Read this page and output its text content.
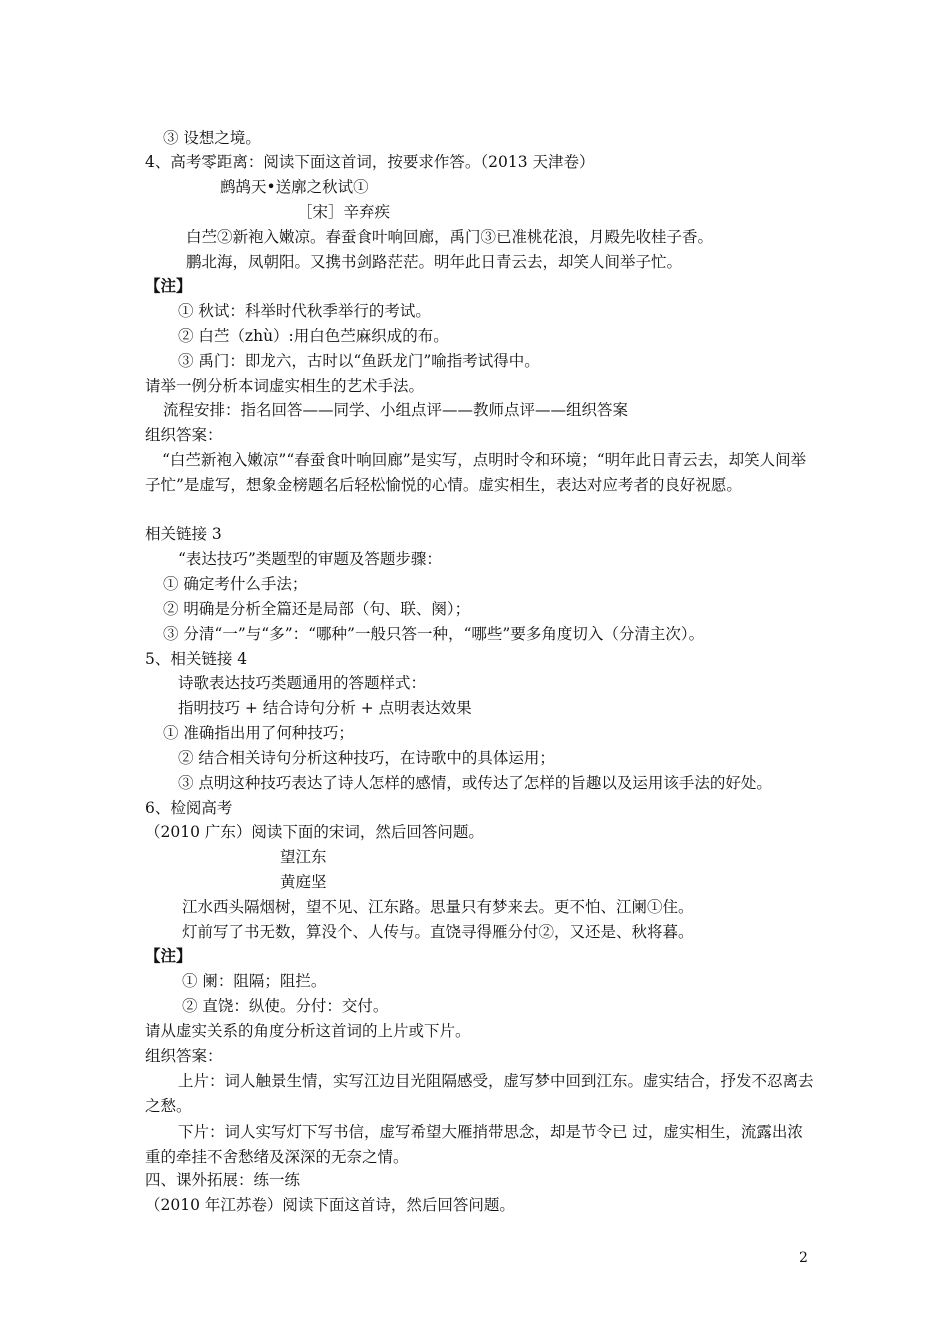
③ 设想之境。
4、高考零距离：阅读下面这首词，按要求作答。（2013 天津卷）
鹧鸪天•送廓之秋试①
［宋］辛弃疾
白苎②新袍入嫩凉。春蚕食叶响回廊，禹门③已准桃花浪，月殿先收桂子香。
鹏北海，凤朝阳。又携书剑路茫茫。明年此日青云去，却笑人间举子忙。
【注】
① 秋试：科举时代秋季举行的考试。
② 白苎（zhù）:用白色苎麻织成的布。
③ 禹门：即龙六，古时以“鱼跃龙门”喻指考试得中。
请举一例分析本词虚实相生的艺术手法。
流程安排：指名回答——同学、小组点评——教师点评——组织答案
组织答案：
“白苎新袍入嫩凉”“春蚕食叶响回廊”是实写，点明时令和环境；“明年此日青云去，却笑人间举子忙”是虚写，想象金榜题名后轻松愉悦的心情。虚实相生，表达对应考者的良好祝愿。
相关链接 3
“表达技巧”类题型的审题及答题步骤：
① 确定考什么手法；
② 明确是分析全篇还是局部（句、联、阕）；
③ 分清“一”与“多”：“哪种”一般只答一种，“哪些”要多角度切入（分清主次）。
5、相关链接 4
诗歌表达技巧类题通用的答题样式：
指明技巧 + 结合诗句分析 + 点明表达效果
① 准确指出用了何种技巧；
② 结合相关诗句分析这种技巧，在诗歌中的具体运用；
③ 点明这种技巧表达了诗人怎样的感情，或传达了怎样的旨趣以及运用该手法的好处。
6、检阅高考
（2010 广东）阅读下面的宋词，然后回答问题。
望江东
黄庭坚
江水西头隔烟树，望不见、江东路。思量只有梦来去。更不怕、江阑①住。
灯前写了书无数，算没个、人传与。直饶寻得雁分付②，又还是、秋将暮。
【注】
① 阑：阻隔；阻拦。
② 直饶：纵使。分付：交付。
请从虚实关系的角度分析这首词的上片或下片。
组织答案：
上片：词人触景生情，实写江边目光阻隔感受，虚写梦中回到江东。虚实结合，抒发不忍离去之愁。
下片：词人实写灯下写书信，虚写希望大雁捎带思念，却是节令已 过，虚实相生，流露出浓重的牵挂不舍愁绪及深深的无奈之情。
四、课外拓展：练一练
（2010 年江苏卷）阅读下面这首诗，然后回答问题。
2
